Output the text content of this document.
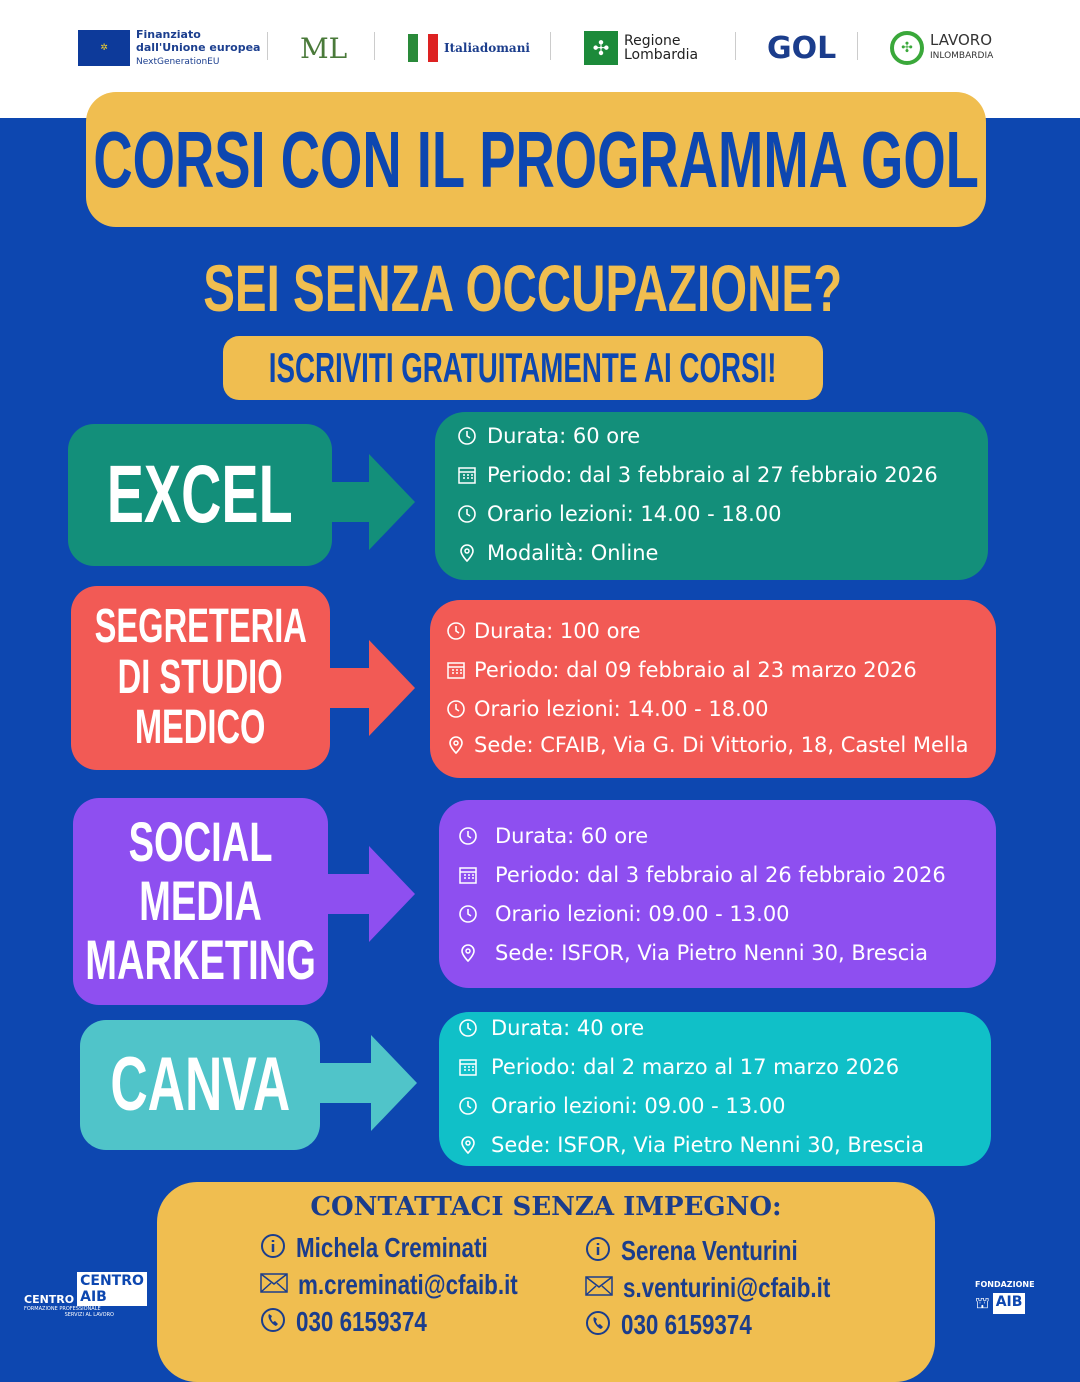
✲
Finanziato
dall'Unione europea
NextGenerationEU	ML	Italiadomani	✣	Regione
Lombardia GOL	✣	LAVORO
INLOMBARDIA
CORSI CON IL PROGRAMMA GOL
SEI SENZA OCCUPAZIONE?
ISCRIVITI GRATUITAMENTE AI CORSI!
EXCEL
Durata: 60 ore
Periodo: dal 3 febbraio al 27 febbraio 2026
Orario lezioni: 14.00 - 18.00
Modalità: Online
SEGRETERIA DI STUDIO MEDICO
Durata: 100 ore
Periodo: dal 09 febbraio al 23 marzo 2026
Orario lezioni: 14.00 - 18.00
Sede: CFAIB, Via G. Di Vittorio, 18, Castel Mella
SOCIAL MEDIA MARKETING
Durata: 60 ore
Periodo: dal 3 febbraio al 26 febbraio 2026
Orario lezioni: 09.00 - 13.00
Sede: ISFOR, Via Pietro Nenni 30, Brescia
CANVA
Durata: 40 ore
Periodo: dal 2 marzo al 17 marzo 2026
Orario lezioni: 09.00 - 13.00
Sede: ISFOR, Via Pietro Nenni 30, Brescia
CONTATTACI SENZA IMPEGNO:
Michela Creminati
m.creminati@cfaib.it
030 6159374
Serena Venturini
s.venturini@cfaib.it
030 6159374
CENTRO
CENTRO AIB
FORMAZIONE PROFESSIONALE
SERVIZI AL LAVORO
FONDAZIONE
⛫ AIB
